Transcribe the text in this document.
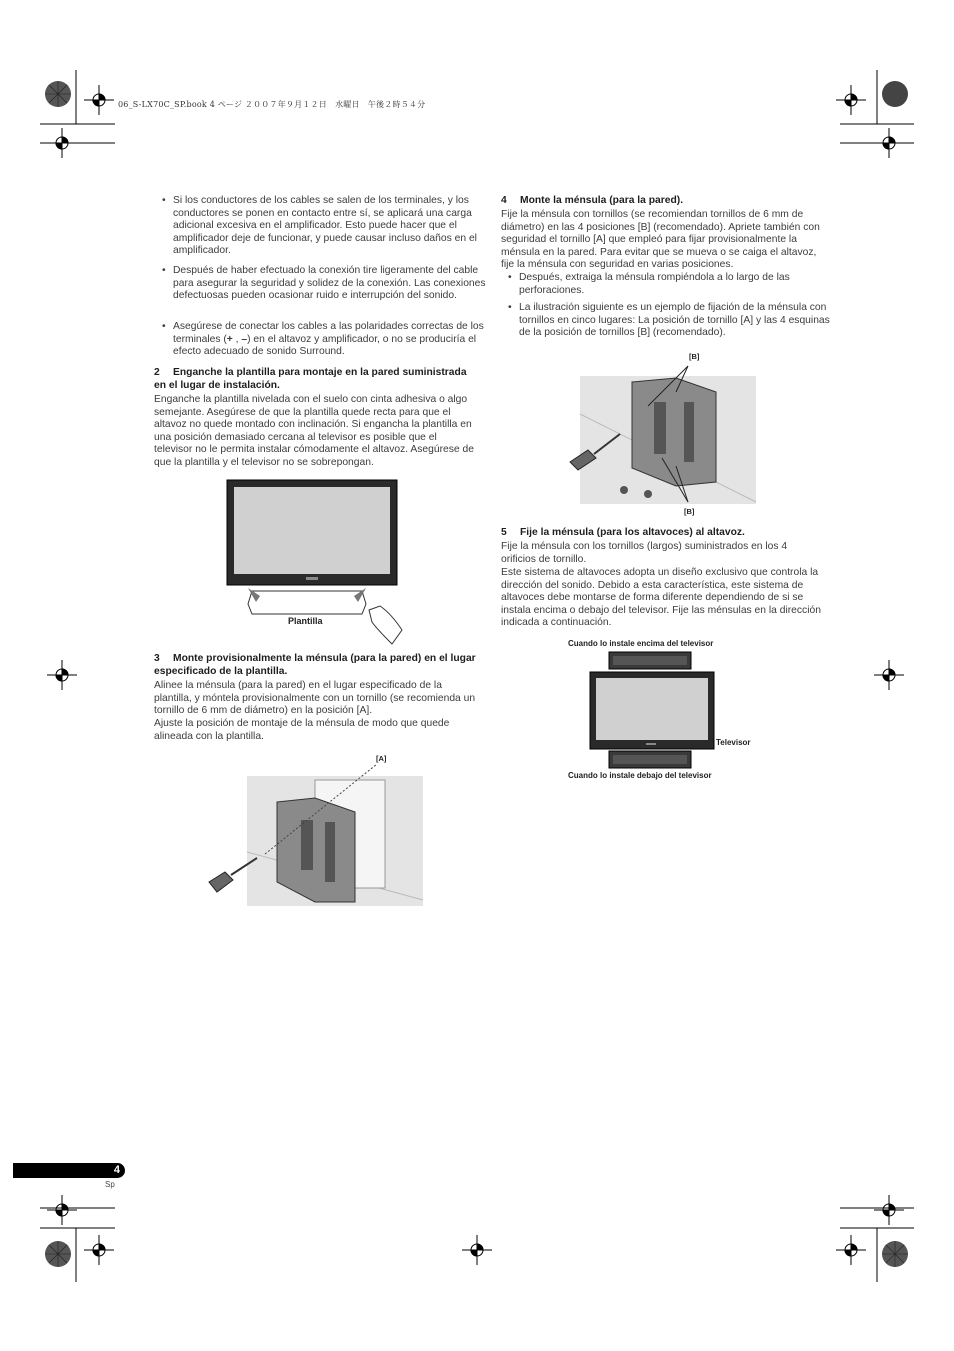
06_S-LX70C_SP.book 4 ページ ２００７年９月１２日　水曜日　午後２時５４分
• Si los conductores de los cables se salen de los terminales, y los conductores se ponen en contacto entre sí, se aplicará una carga adicional excesiva en el amplificador. Esto puede hacer que el amplificador deje de funcionar, y puede causar incluso daños en el amplificador.
• Después de haber efectuado la conexión tire ligeramente del cable para asegurar la seguridad y solidez de la conexión. Las conexiones defectuosas pueden ocasionar ruido e interrupción del sonido.
• Asegúrese de conectar los cables a las polaridades correctas de los terminales (+ , –) en el altavoz y amplificador, o no se produciría el efecto adecuado de sonido Surround.
2 Enganche la plantilla para montaje en la pared suministrada en el lugar de instalación.
Enganche la plantilla nivelada con el suelo con cinta adhesiva o algo semejante. Asegúrese de que la plantilla quede recta para que el altavoz no quede montado con inclinación. Si engancha la plantilla en una posición demasiado cercana al televisor es posible que el televisor no le permita instalar cómodamente el altavoz. Asegúrese de que la plantilla y el televisor no se sobrepongan.
Plantilla
3 Monte provisionalmente la ménsula (para la pared) en el lugar especificado de la plantilla.
Alinee la ménsula (para la pared) en el lugar especificado de la plantilla, y móntela provisionalmente con un tornillo (se recomienda un tornillo de 6 mm de diámetro) en la posición [A].
Ajuste la posición de montaje de la ménsula de modo que quede alineada con la plantilla.
[A]
4 Monte la ménsula (para la pared).
Fije la ménsula con tornillos (se recomiendan tornillos de 6 mm de diámetro) en las 4 posiciones [B] (recomendado). Apriete también con seguridad el tornillo [A] que empleó para fijar provisionalmente la ménsula en la pared. Para evitar que se mueva o se caiga el altavoz, fije la ménsula con seguridad en varias posiciones.
• Después, extraiga la ménsula rompiéndola a lo largo de las perforaciones.
• La ilustración siguiente es un ejemplo de fijación de la ménsula con tornillos en cinco lugares: La posición de tornillo [A] y las 4 esquinas de la posición de tornillos [B] (recomendado).
[B]
[B]
5 Fije la ménsula (para los altavoces) al altavoz.
Fije la ménsula con los tornillos (largos) suministrados en los 4 orificios de tornillo.
Este sistema de altavoces adopta un diseño exclusivo que controla la dirección del sonido. Debido a esta característica, este sistema de altavoces debe montarse de forma diferente dependiendo de si se instala encima o debajo del televisor. Fije las ménsulas en la dirección indicada a continuación.
Cuando lo instale encima del televisor
Televisor
Cuando lo instale debajo del televisor
4
Sp
